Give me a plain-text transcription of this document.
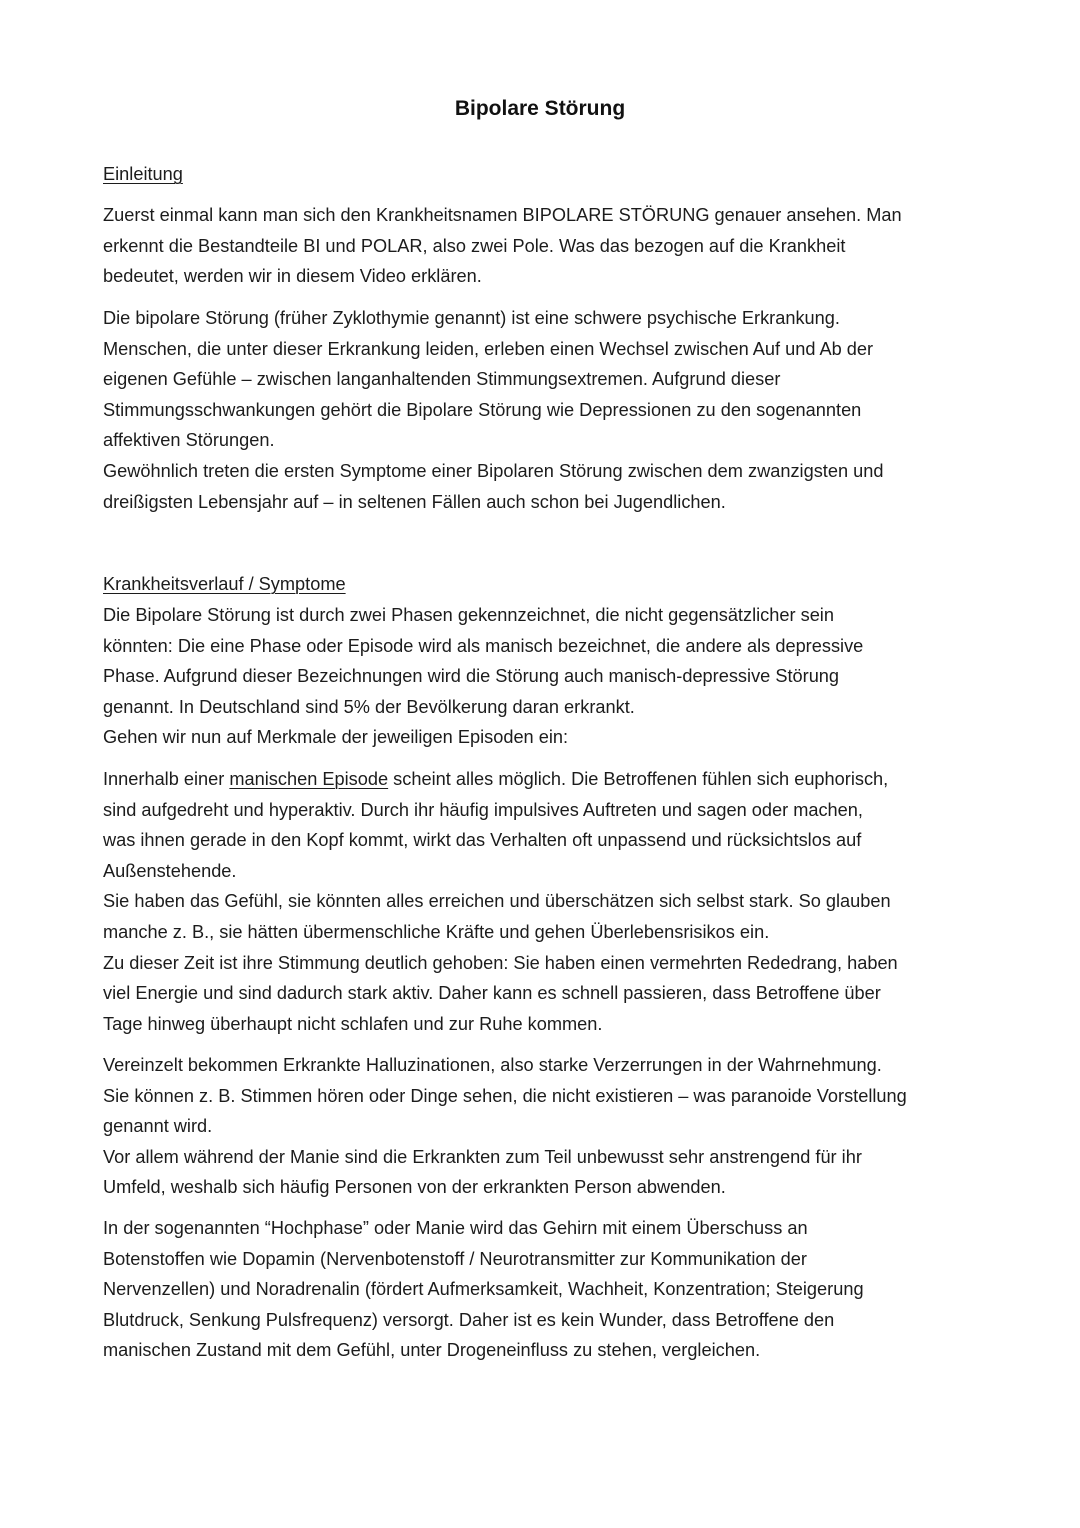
Bipolare Störung
Einleitung
Zuerst einmal kann man sich den Krankheitsnamen BIPOLARE STÖRUNG genauer ansehen. Man
erkennt die Bestandteile BI und POLAR, also zwei Pole. Was das bezogen auf die Krankheit
bedeutet, werden wir in diesem Video erklären.
Die bipolare Störung (früher Zyklothymie genannt) ist eine schwere psychische Erkrankung.
Menschen, die unter dieser Erkrankung leiden, erleben einen Wechsel zwischen Auf und Ab der
eigenen Gefühle – zwischen langanhaltenden Stimmungsextremen. Aufgrund dieser
Stimmungsschwankungen gehört die Bipolare Störung wie Depressionen zu den sogenannten
affektiven Störungen.
Gewöhnlich treten die ersten Symptome einer Bipolaren Störung zwischen dem zwanzigsten und
dreißigsten Lebensjahr auf – in seltenen Fällen auch schon bei Jugendlichen.
Krankheitsverlauf / Symptome
Die Bipolare Störung ist durch zwei Phasen gekennzeichnet, die nicht gegensätzlicher sein
könnten: Die eine Phase oder Episode wird als manisch bezeichnet, die andere als depressive
Phase. Aufgrund dieser Bezeichnungen wird die Störung auch manisch-depressive Störung
genannt. In Deutschland sind 5% der Bevölkerung daran erkrankt.
Gehen wir nun auf Merkmale der jeweiligen Episoden ein:
Innerhalb einer manischen Episode scheint alles möglich. Die Betroffenen fühlen sich euphorisch,
sind aufgedreht und hyperaktiv. Durch ihr häufig impulsives Auftreten und sagen oder machen,
was ihnen gerade in den Kopf kommt, wirkt das Verhalten oft unpassend und rücksichtslos auf
Außenstehende.
Sie haben das Gefühl, sie könnten alles erreichen und überschätzen sich selbst stark. So glauben
manche z. B., sie hätten übermenschliche Kräfte und gehen Überlebensrisikos ein.
Zu dieser Zeit ist ihre Stimmung deutlich gehoben: Sie haben einen vermehrten Rededrang, haben
viel Energie und sind dadurch stark aktiv. Daher kann es schnell passieren, dass Betroffene über
Tage hinweg überhaupt nicht schlafen und zur Ruhe kommen.
Vereinzelt bekommen Erkrankte Halluzinationen, also starke Verzerrungen in der Wahrnehmung.
Sie können z. B. Stimmen hören oder Dinge sehen, die nicht existieren – was paranoide Vorstellung
genannt wird.
Vor allem während der Manie sind die Erkrankten zum Teil unbewusst sehr anstrengend für ihr
Umfeld, weshalb sich häufig Personen von der erkrankten Person abwenden.
In der sogenannten “Hochphase” oder Manie wird das Gehirn mit einem Überschuss an
Botenstoffen wie Dopamin (Nervenbotenstoff / Neurotransmitter zur Kommunikation der
Nervenzellen) und Noradrenalin (fördert Aufmerksamkeit, Wachheit, Konzentration; Steigerung
Blutdruck, Senkung Pulsfrequenz) versorgt. Daher ist es kein Wunder, dass Betroffene den
manischen Zustand mit dem Gefühl, unter Drogeneinfluss zu stehen, vergleichen.
